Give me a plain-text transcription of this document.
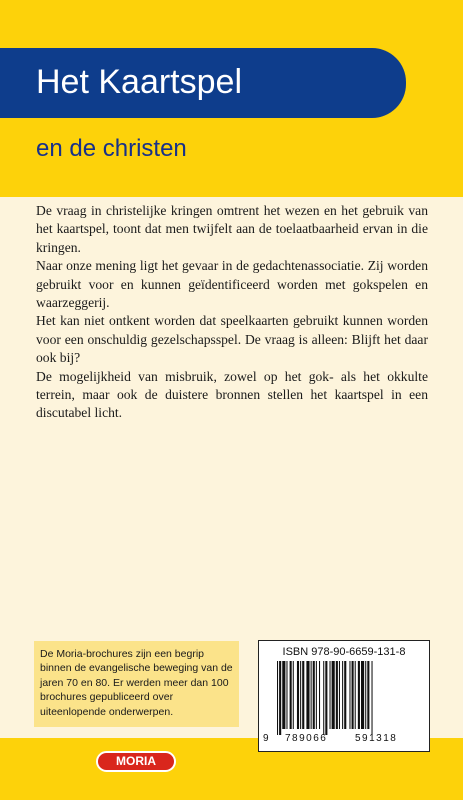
Het Kaartspel
en de christen

De vraag in christelijke kringen omtrent het wezen en het gebruik van het kaartspel, toont dat men twijfelt aan de toelaatbaarheid ervan in die kringen.

Naar onze mening ligt het gevaar in de gedachtenassociatie. Zij worden gebruikt voor en kunnen geïdentificeerd worden met gokspelen en waarzeggerij.

Het kan niet ontkent worden dat speelkaarten gebruikt kunnen worden voor een onschuldig gezelschapsspel. De vraag is alleen: Blijft het daar ook bij?

De mogelijkheid van misbruik, zowel op het gok- als het okkulte terrein, maar ook de duistere bronnen stellen het kaartspel in een discutabel licht.

De Moria-brochures zijn een begrip binnen de evangelische beweging van de jaren 70 en 80. Er werden meer dan 100 brochures gepubliceerd over uiteenlopende onderwerpen.
ISBN 978-90-6659-131-8
9 789066	591318
MORIA
